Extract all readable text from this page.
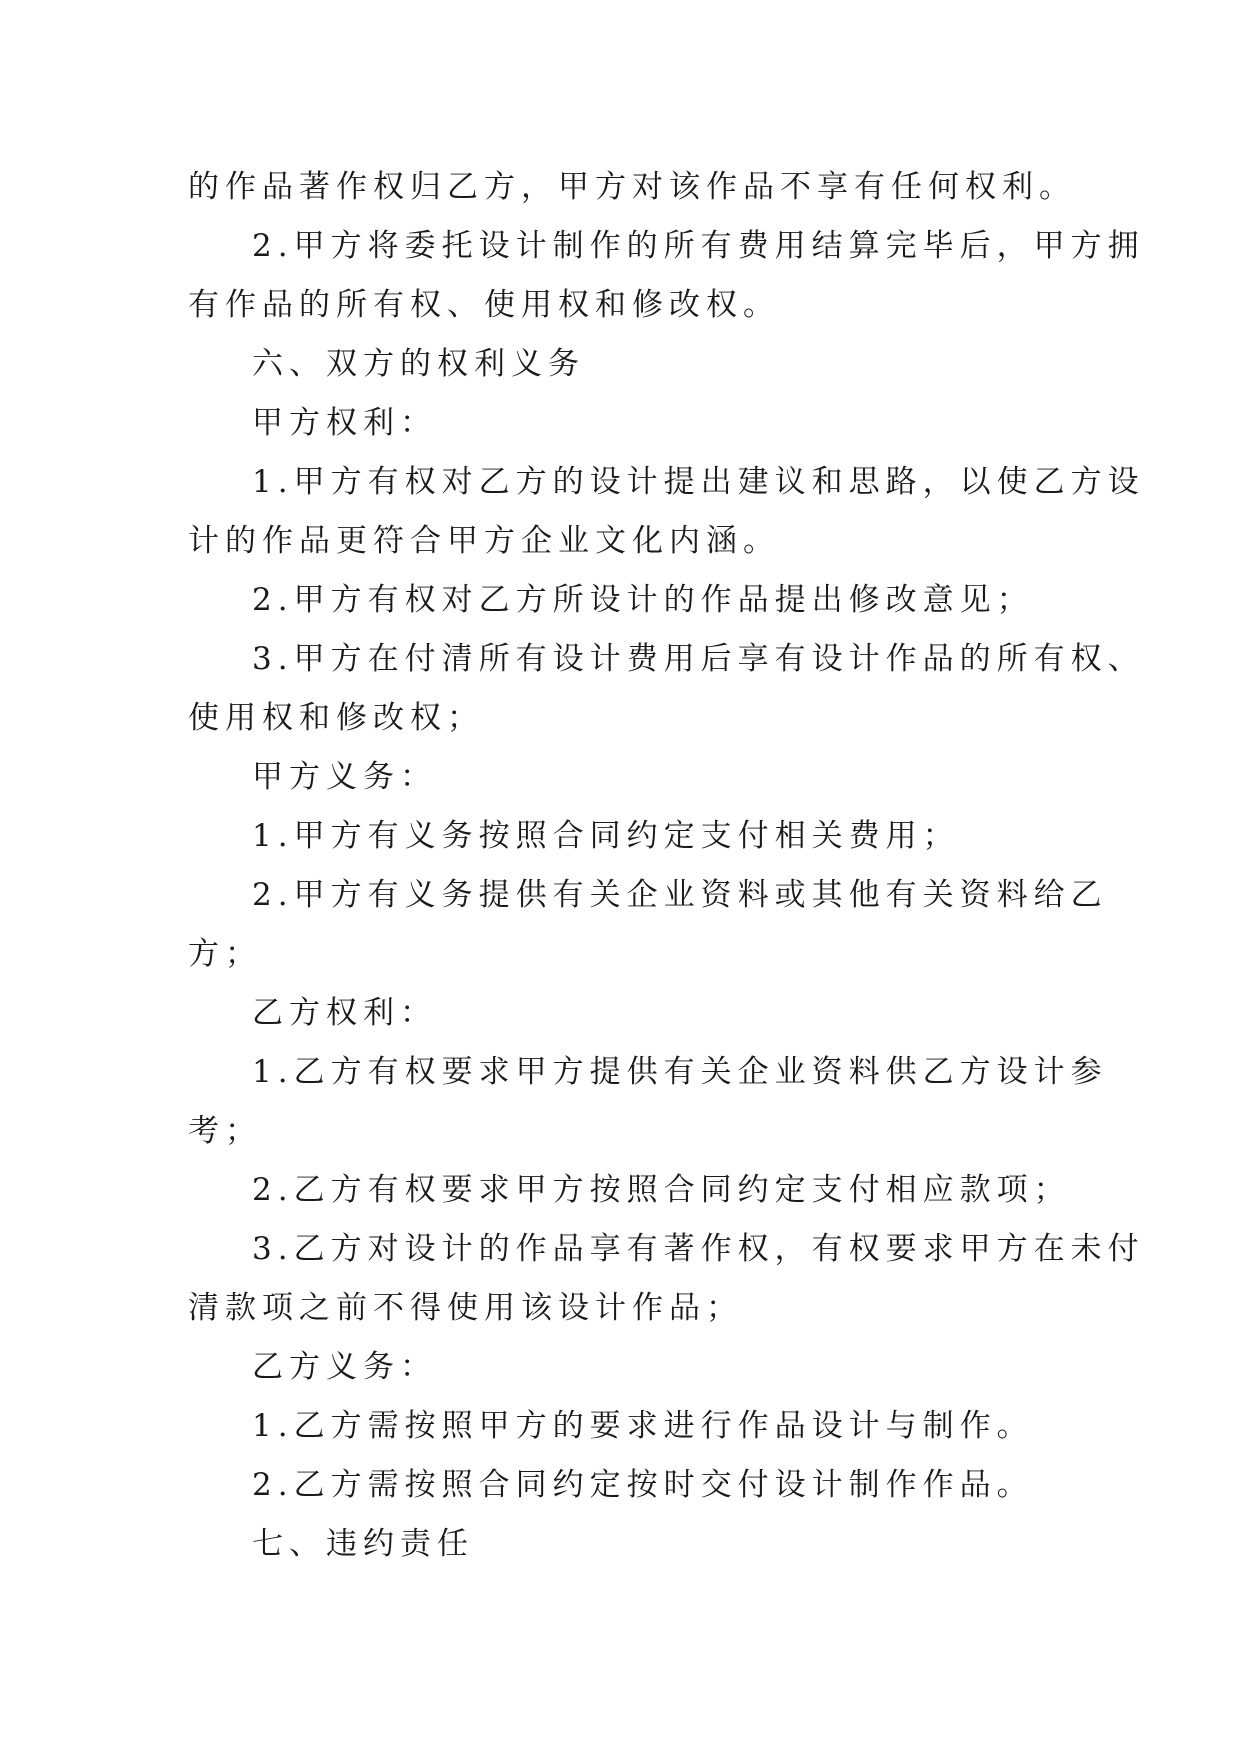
的作品著作权归乙方，甲方对该作品不享有任何权利。
2.甲方将委托设计制作的所有费用结算完毕后，甲方拥
有作品的所有权、使用权和修改权。
六、双方的权利义务
甲方权利：
1.甲方有权对乙方的设计提出建议和思路，以使乙方设
计的作品更符合甲方企业文化内涵。
2.甲方有权对乙方所设计的作品提出修改意见；
3.甲方在付清所有设计费用后享有设计作品的所有权、
使用权和修改权；
甲方义务：
1.甲方有义务按照合同约定支付相关费用；
2.甲方有义务提供有关企业资料或其他有关资料给乙
方；
乙方权利：
1.乙方有权要求甲方提供有关企业资料供乙方设计参
考；
2.乙方有权要求甲方按照合同约定支付相应款项；
3.乙方对设计的作品享有著作权，有权要求甲方在未付
清款项之前不得使用该设计作品；
乙方义务：
1.乙方需按照甲方的要求进行作品设计与制作。
2.乙方需按照合同约定按时交付设计制作作品。
七、违约责任
